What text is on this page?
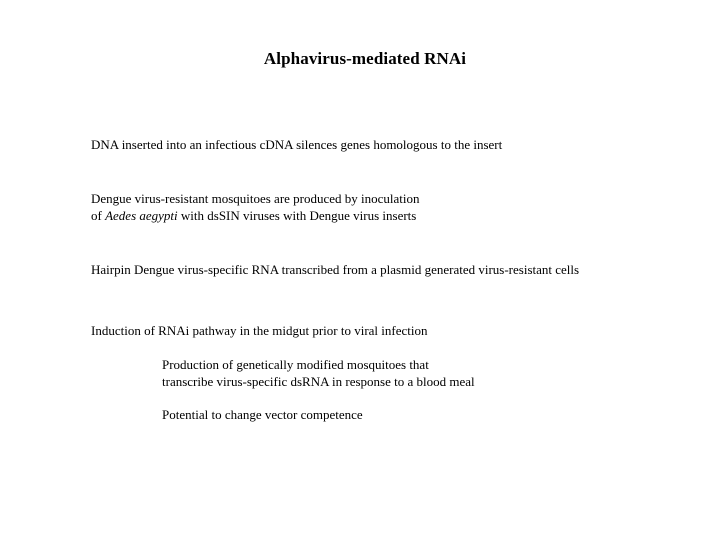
Alphavirus-mediated RNAi
DNA inserted into an infectious cDNA silences genes homologous to the insert
Dengue virus-resistant mosquitoes are produced by inoculation
of Aedes aegypti with dsSIN viruses with Dengue virus inserts
Hairpin Dengue virus-specific RNA transcribed from a plasmid generated virus-resistant cells
Induction of RNAi pathway in the midgut prior to viral infection
Production of genetically modified mosquitoes that
transcribe virus-specific dsRNA in response to a blood meal
Potential to change vector competence
